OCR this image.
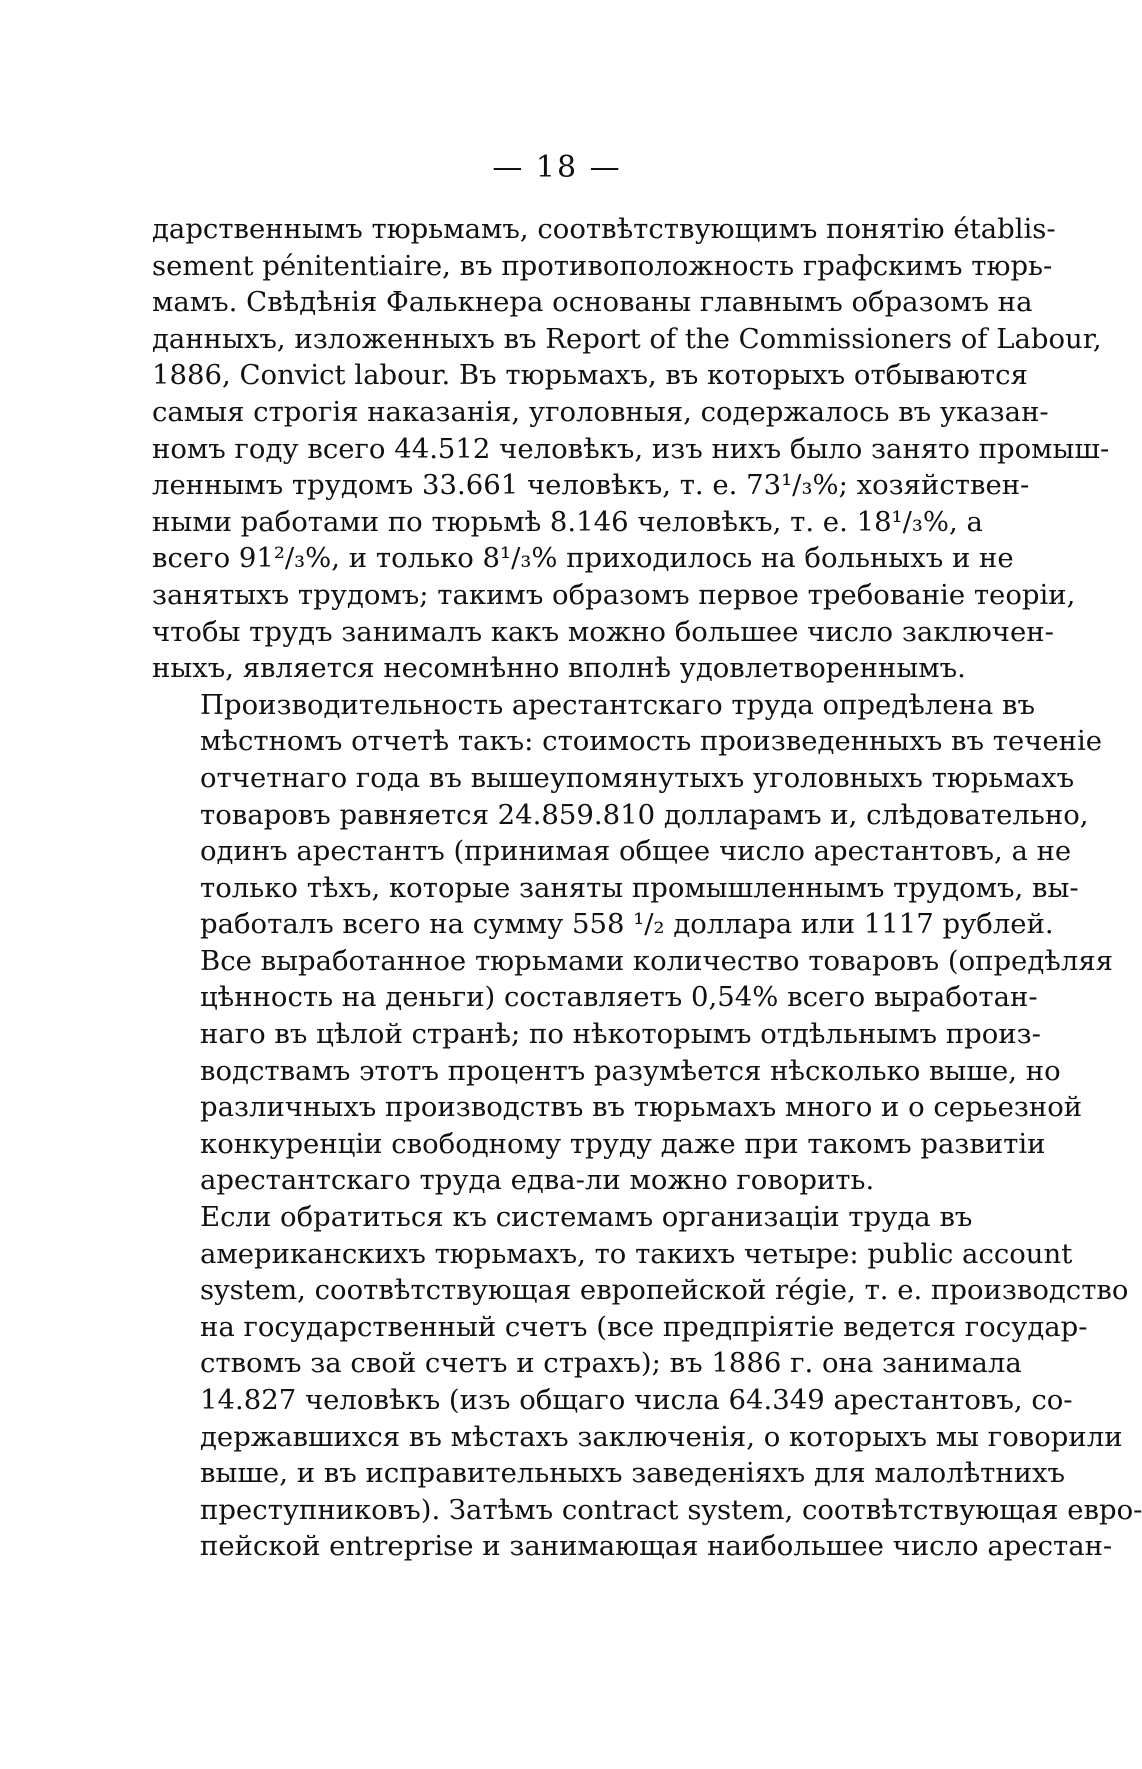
— 18 —

дарственнымъ тюрьмамъ, соотвѣтствующимъ понятію établis-
sement pénitentiaire, въ противоположность графскимъ тюрь-
мамъ. Свѣдѣнія Фалькнера основаны главнымъ образомъ на
данныхъ, изложенныхъ въ Report of the Commissioners of Labour,
1886, Convict labour. Въ тюрьмахъ, въ которыхъ отбываются
самыя строгія наказанія, уголовныя, содержалось въ указан-
номъ году всего 44.512 человѣкъ, изъ нихъ было занято промыш-
леннымъ трудомъ 33.661 человѣкъ, т. е. 73¹/₃%; хозяйствен-
ными работами по тюрьмѣ 8.146 человѣкъ, т. е. 18¹/₃%, а
всего 91²/₃%, и только 8¹/₃% приходилось на больныхъ и не
занятыхъ трудомъ; такимъ образомъ первое требованіе теоріи,
чтобы трудъ занималъ какъ можно большее число заключен-
ныхъ, является несомнѣнно вполнѣ удовлетвореннымъ.

Производительность арестантскаго труда опредѣлена въ
мѣстномъ отчетѣ такъ: стоимость произведенныхъ въ теченіе
отчетнаго года въ вышеупомянутыхъ уголовныхъ тюрьмахъ
товаровъ равняется 24.859.810 долларамъ и, слѣдовательно,
одинъ арестантъ (принимая общее число арестантовъ, а не
только тѣхъ, которые заняты промышленнымъ трудомъ, вы-
работалъ всего на сумму 558 ¹/₂ доллара или 1117 рублей.
Все выработанное тюрьмами количество товаровъ (опредѣляя
цѣнность на деньги) составляетъ 0,54% всего выработан-
наго въ цѣлой странѣ; по нѣкоторымъ отдѣльнымъ произ-
водствамъ этотъ процентъ разумѣется нѣсколько выше, но
различныхъ производствъ въ тюрьмахъ много и о серьезной
конкуренціи свободному труду даже при такомъ развитіи
арестантскаго труда едва-ли можно говорить.

Если обратиться къ системамъ организаціи труда въ
американскихъ тюрьмахъ, то такихъ четыре: public account
system, соотвѣтствующая европейской régie, т. е. производство
на государственный счетъ (все предпріятіе ведется государ-
ствомъ за свой счетъ и страхъ); въ 1886 г. она занимала
14.827 человѣкъ (изъ общаго числа 64.349 арестантовъ, со-
державшихся въ мѣстахъ заключенія, о которыхъ мы говорили
выше, и въ исправительныхъ заведеніяхъ для малолѣтнихъ
преступниковъ). Затѣмъ contract system, соотвѣтствующая евро-
пейской entreprise и занимающая наибольшее число арестан-
